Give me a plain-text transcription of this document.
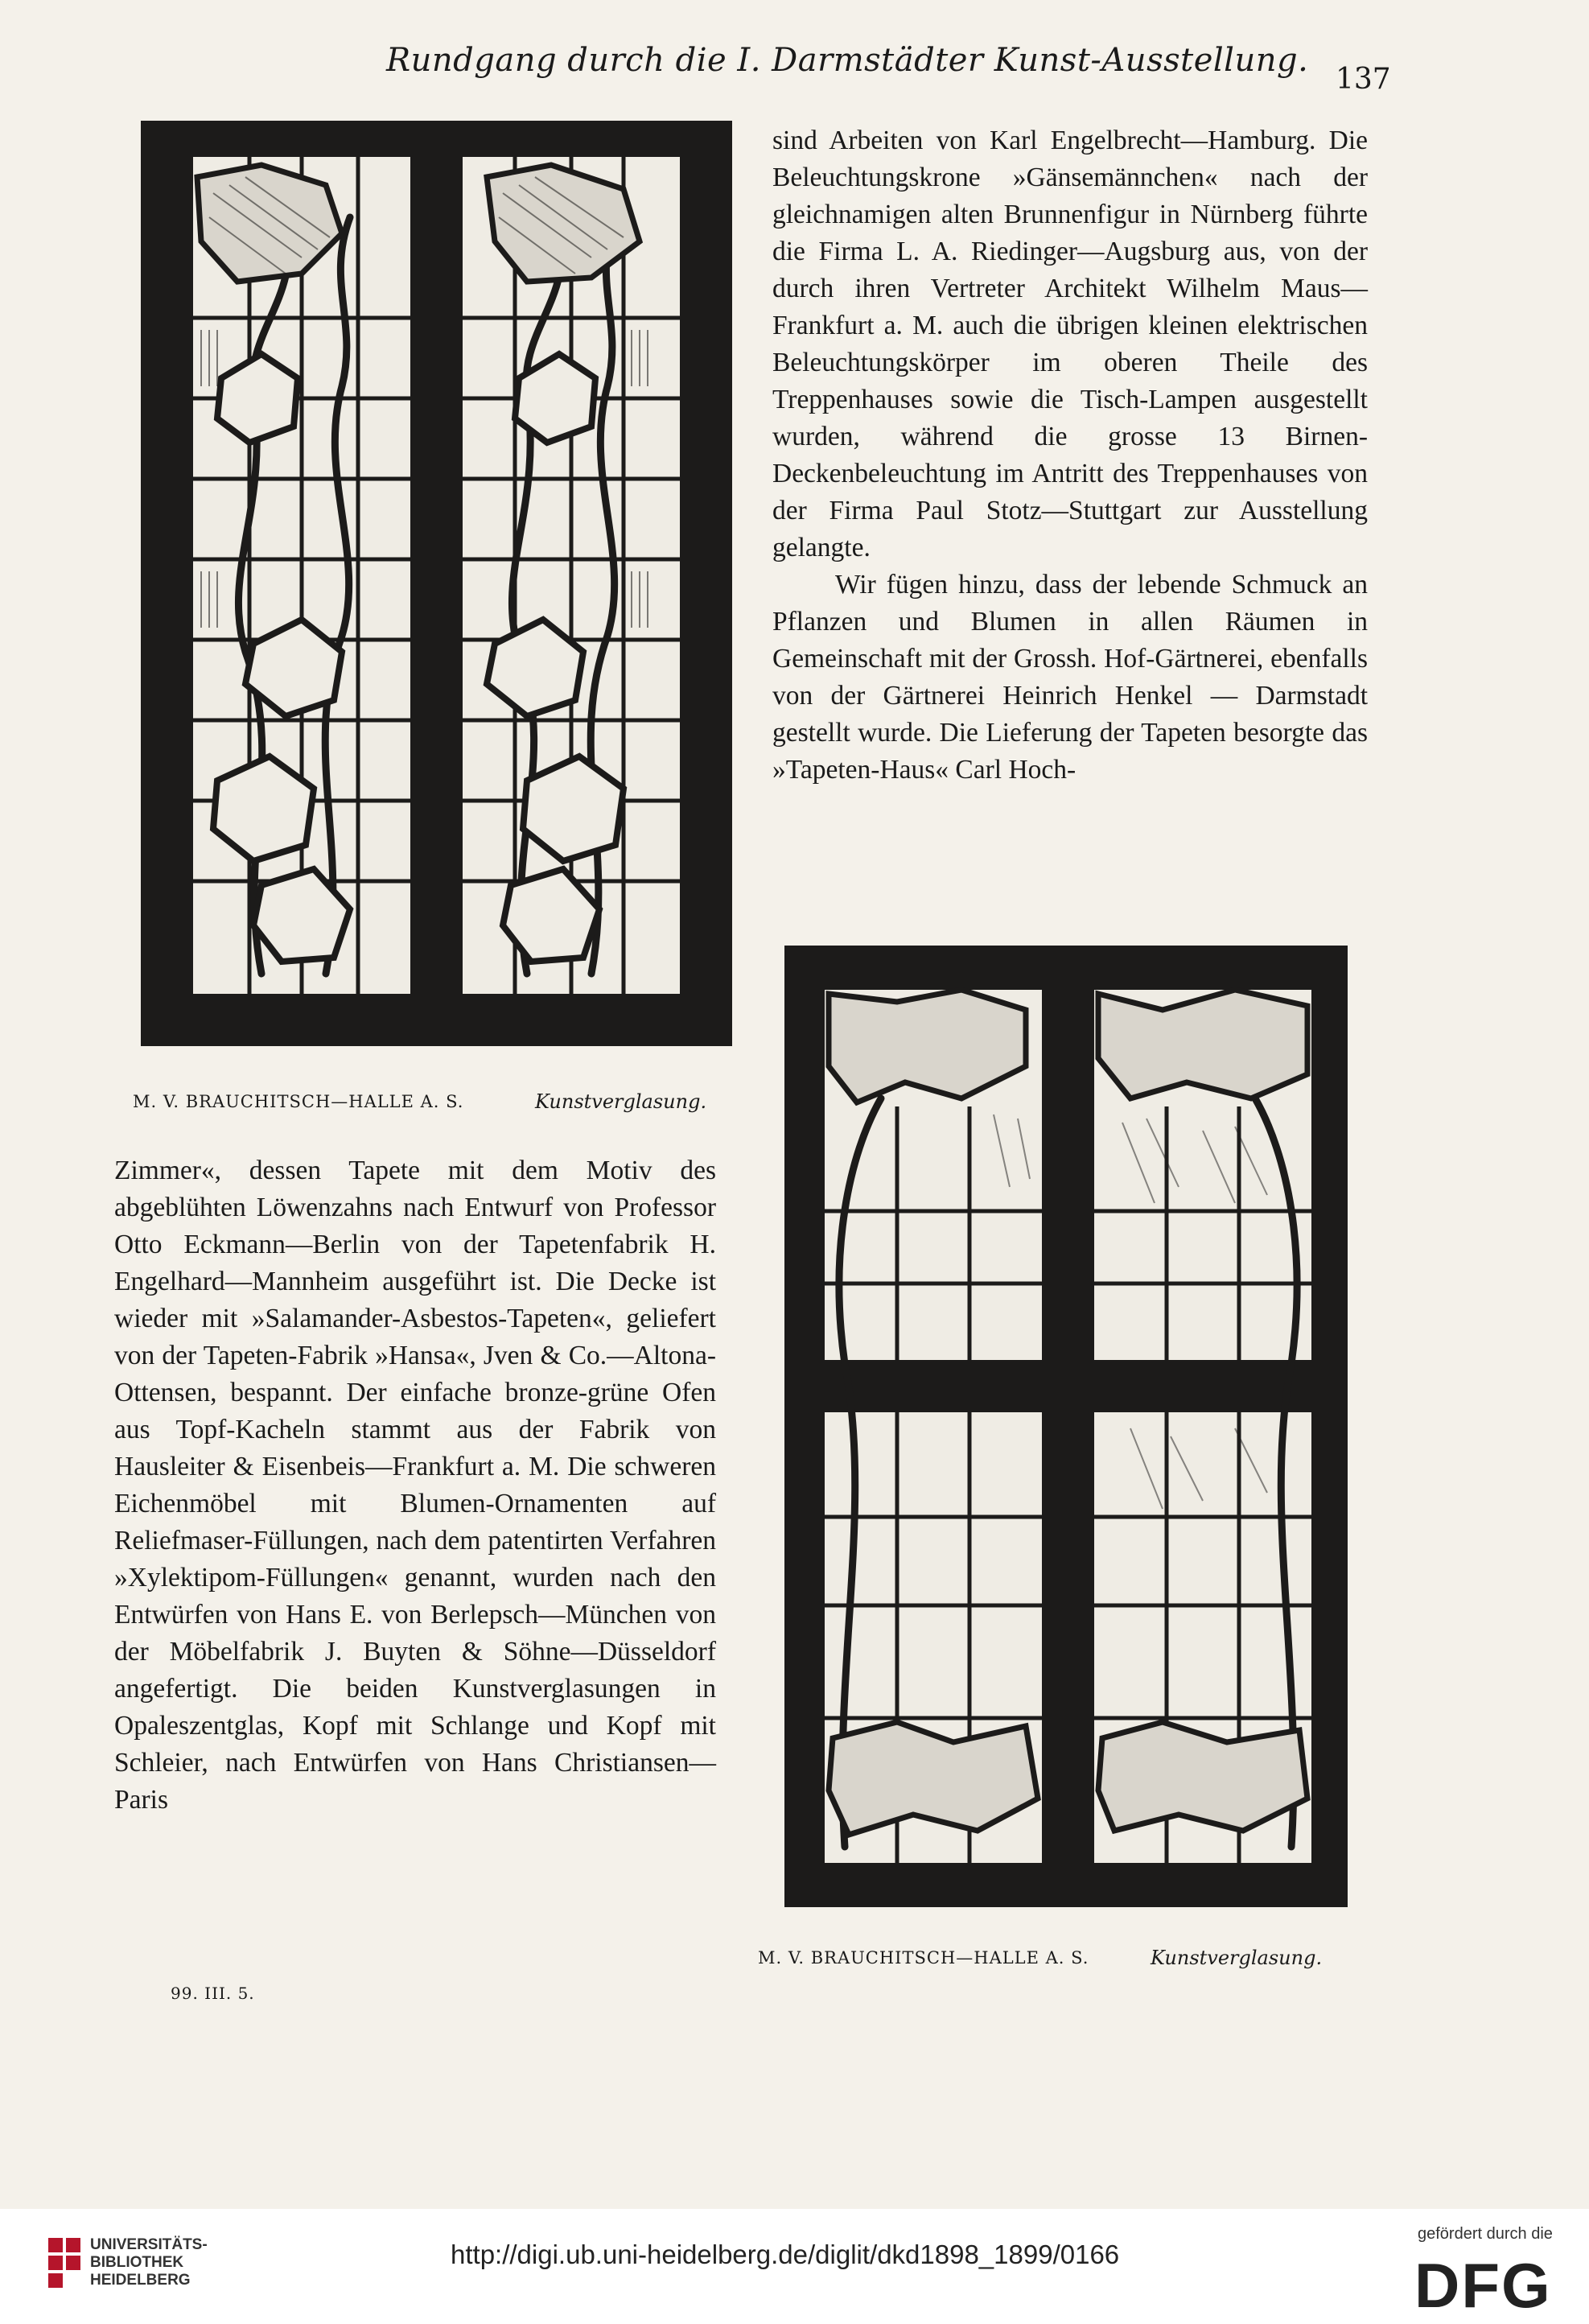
Rundgang durch die I. Darmstädter Kunst-Ausstellung.
137
M. V. BRAUCHITSCH—HALLE A. S.	Kunstverglasung.
M. V. BRAUCHITSCH—HALLE A. S.	Kunstverglasung.

sind Arbeiten von Karl Engelbrecht—Hamburg. Die Beleuchtungskrone »Gänsemännchen« nach der gleichnamigen alten Brunnenfigur in Nürnberg führte die Firma L. A. Riedinger—Augsburg aus, von der durch ihren Vertreter Architekt Wilhelm Maus—Frankfurt a. M. auch die übrigen kleinen elektrischen Beleuchtungskörper im oberen Theile des Treppenhauses sowie die Tisch-Lampen ausgestellt wurden, während die grosse 13 Birnen-Deckenbeleuchtung im Antritt des Treppenhauses von der Firma Paul Stotz—Stuttgart zur Ausstellung gelangte.

Wir fügen hinzu, dass der lebende Schmuck an Pflanzen und Blumen in allen Räumen in Gemeinschaft mit der Grossh. Hof-Gärtnerei, ebenfalls von der Gärtnerei Heinrich Henkel — Darmstadt gestellt wurde. Die Lieferung der Tapeten besorgte das »Tapeten-Haus« Carl Hoch-

Zimmer«, dessen Tapete mit dem Motiv des abgeblühten Löwenzahns nach Entwurf von Professor Otto Eckmann—Berlin von der Tapetenfabrik H. Engelhard—Mannheim ausgeführt ist. Die Decke ist wieder mit »Salamander-Asbestos-Tapeten«, geliefert von der Tapeten-Fabrik »Hansa«, Jven & Co.—Altona-Ottensen, bespannt. Der einfache bronze-grüne Ofen aus Topf-Kacheln stammt aus der Fabrik von Hausleiter & Eisenbeis—Frankfurt a. M. Die schweren Eichenmöbel mit Blumen-Ornamenten auf Reliefmaser-Füllungen, nach dem patentirten Verfahren »Xylektipom-Füllungen« genannt, wurden nach den Entwürfen von Hans E. von Berlepsch—München von der Möbelfabrik J. Buyten & Söhne—Düsseldorf angefertigt. Die beiden Kunstverglasungen in Opaleszentglas, Kopf mit Schlange und Kopf mit Schleier, nach Entwürfen von Hans Christiansen—Paris

99. III. 5.
UNIVERSITÄTS-
BIBLIOTHEK
HEIDELBERG
http://digi.ub.uni-heidelberg.de/diglit/dkd1898_1899/0166
gefördert durch die
DFG
